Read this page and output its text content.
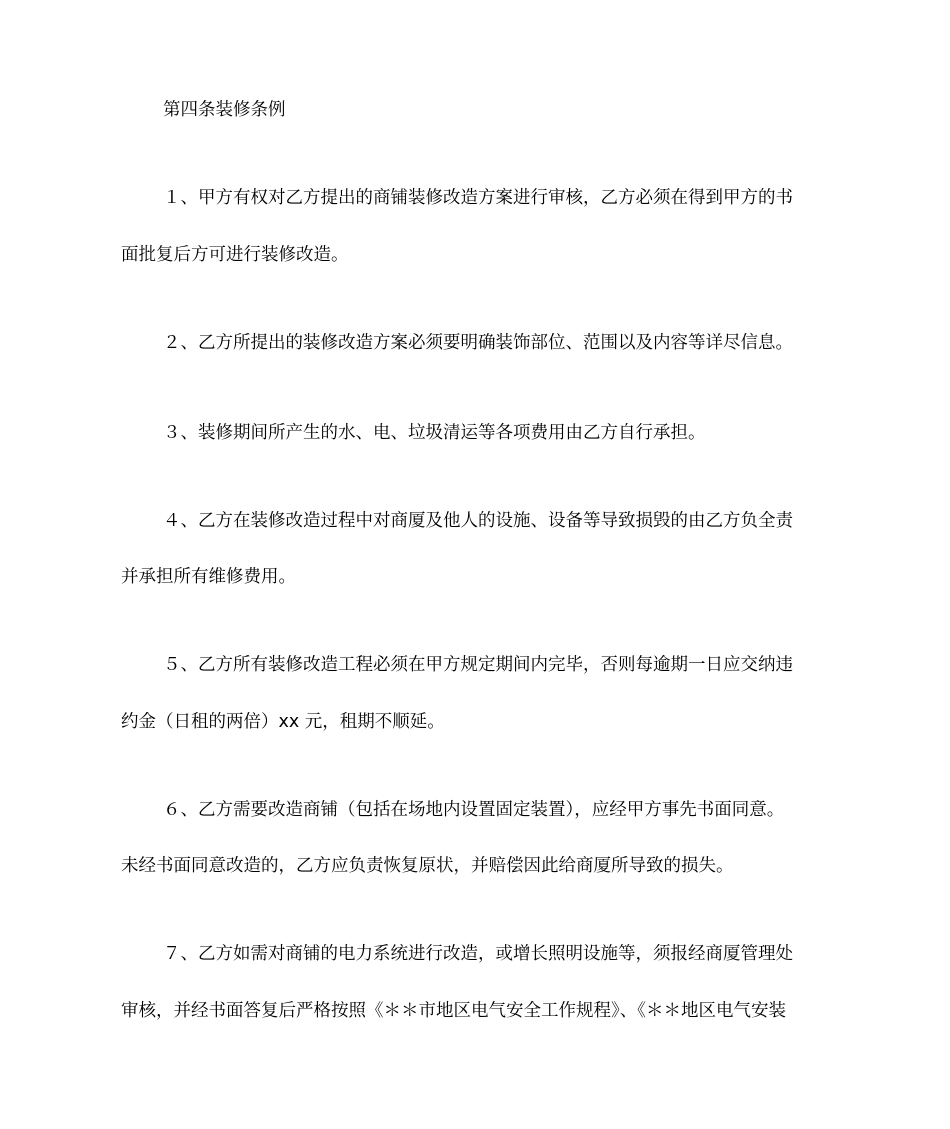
第四条装修条例
１、甲方有权对乙方提出的商铺装修改造方案进行审核，乙方必须在得到甲方的书
面批复后方可进行装修改造。
２、乙方所提出的装修改造方案必须要明确装饰部位、范围以及内容等详尽信息。
３、装修期间所产生的水、电、垃圾清运等各项费用由乙方自行承担。
４、乙方在装修改造过程中对商厦及他人的设施、设备等导致损毁的由乙方负全责
并承担所有维修费用。
５、乙方所有装修改造工程必须在甲方规定期间内完毕，否则每逾期一日应交纳违
约金（日租的两倍）xx 元，租期不顺延。
６、乙方需要改造商铺（包括在场地内设置固定装置），应经甲方事先书面同意。
未经书面同意改造的，乙方应负责恢复原状，并赔偿因此给商厦所导致的损失。
７、乙方如需对商铺的电力系统进行改造，或增长照明设施等，须报经商厦管理处
审核，并经书面答复后严格按照《＊＊市地区电气安全工作规程》、《＊＊地区电气安装
